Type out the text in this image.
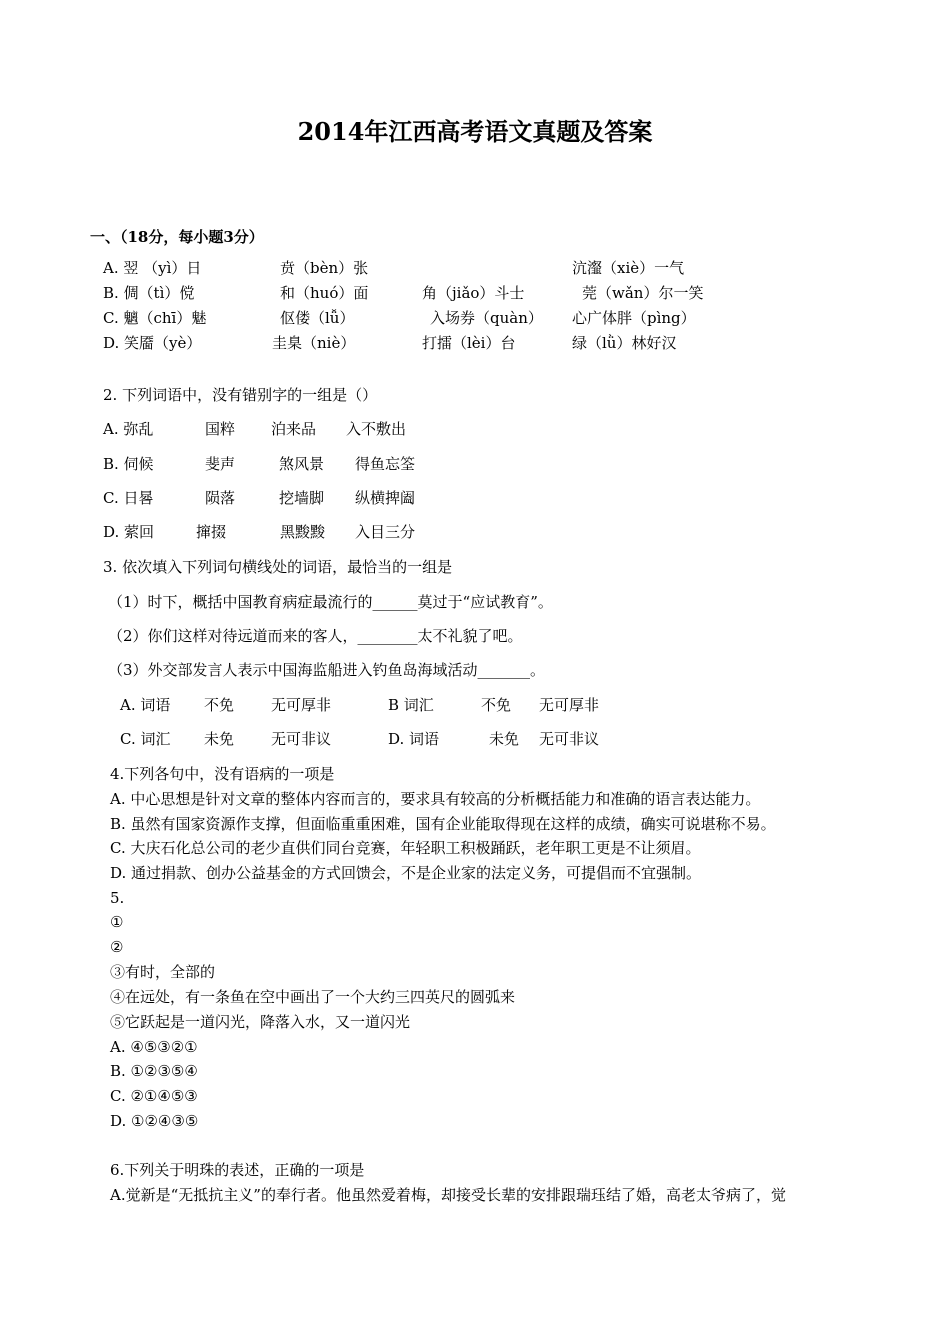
2014年江西高考语文真题及答案
一、（18分，每小题3分）
A. 翌 （yì）日	贲（bèn）张	沆瀣（xiè）一气
B. 倜（tì）傥	和（huó）面	角（jiǎo）斗士	莞（wǎn）尔一笑
C. 魑（chī）魅	伛偻（lǚ）	入场券（quàn） 心广体胖（pìng）
D. 笑靥（yè）	圭臬（niè）	打擂（lèi）台	绿（lǜ）林好汉
2. 下列词语中，没有错别字的一组是（）
A. 弥乱	国粹 泊来品 入不敷出
B. 伺候	斐声	煞风景 得鱼忘筌
C. 日晷	陨落	挖墙脚 纵横捭阖
D. 萦回	撺掇	黑黢黢 入目三分
3. 依次填入下列词句横线处的词语，最恰当的一组是
（1）时下，概括中国教育病症最流行的______莫过于“应试教育”。
（2）你们这样对待远道而来的客人，________太不礼貌了吧。
（3）外交部发言人表示中国海监船进入钓鱼岛海域活动_______。
A. 词语 不免 无可厚非	B 词汇	不免 无可厚非
C. 词汇 未免 无可非议	D. 词语	未免 无可非议
4.下列各句中，没有语病的一项是
A. 中心思想是针对文章的整体内容而言的，要求具有较高的分析概括能力和准确的语言表达能力。
B. 虽然有国家资源作支撑，但面临重重困难，国有企业能取得现在这样的成绩，确实可说堪称不易。
C. 大庆石化总公司的老少直供们同台竞赛，年轻职工积极踊跃，老年职工更是不让须眉。
D. 通过捐款、创办公益基金的方式回馈会，不是企业家的法定义务，可提倡而不宜强制。
5.
①
②
③有时，全部的
④在远处，有一条鱼在空中画出了一个大约三四英尺的圆弧来
⑤它跃起是一道闪光，降落入水，又一道闪光
A. ④⑤③②①
B. ①②③⑤④
C. ②①④⑤③
D. ①②④③⑤
6.下列关于明珠的表述，正确的一项是
A.觉新是“无抵抗主义”的奉行者。他虽然爱着梅，却接受长辈的安排跟瑞珏结了婚，高老太爷病了，觉
